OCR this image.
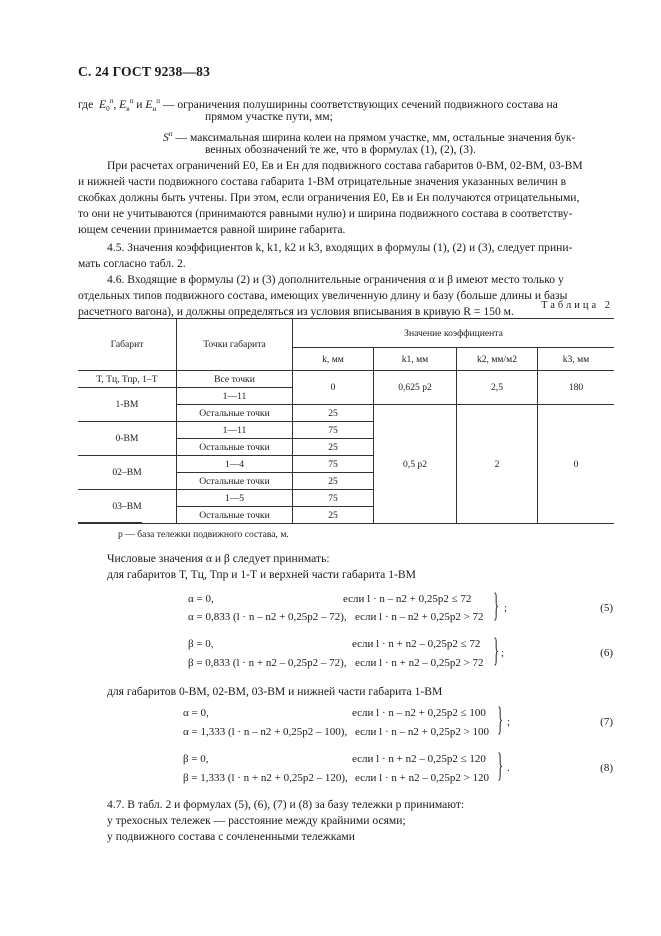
С. 24 ГОСТ 9238—83
где $E_0^п$, $E_в^п$ и $E_н^п$ — ограничения полуширины соответствующих сечений подвижного состава на
прямом участке пути, мм;
$S^п$ — максимальная ширина колеи на прямом участке, мм, остальные значения бук-
венных обозначений те же, что в формулах (1), (2), (3).
При расчетах ограничений E0, Eв и Eн для подвижного состава габаритов 0-ВМ, 02-ВМ, 03-ВМ
и нижней части подвижного состава габарита 1-ВМ отрицательные значения указанных величин в
скобках должны быть учтены. При этом, если ограничения E0, Eв и Eн получаются отрицательными,
то они не учитываются (принимаются равными нулю) и ширина подвижного состава в соответству-
ющем сечении принимается равной ширине габарита.
4.5. Значения коэффициентов k, k1, k2 и k3, входящих в формулы (1), (2) и (3), следует прини-
мать согласно табл. 2.
4.6. Входящие в формулы (2) и (3) дополнительные ограничения α и β имеют место только у
отдельных типов подвижного состава, имеющих увеличенную длину и базу (больше длины и базы
расчетного вагона), и должны определяться из условия вписывания в кривую R = 150 м.	Таблица 2
Габарит	Точки габарита	Значение коэффициента			
		k, мм	k1, мм	k2, мм/м2	k3, мм
Т, Тц, Тпр, 1–Т	Все точки	0	0,625 p2	2,5	180
1-ВМ	1—11				
	Остальные точки	25	0,5 p2	2	0
0-ВМ	1—11	75			
	Остальные точки	25			
02–ВМ	1—4	75			
	Остальные точки	25			
03–ВМ	1—5	75			
	Остальные точки	25			
p — база тележки подвижного состава, м.
Числовые значения α и β следует принимать:
для габаритов Т, Тц, Тпр и 1-Т и верхней части габарита 1-ВМ
α = 0,	если l · n – n2 + 0,25p2 ≤ 72
α = 0,833 (l · n – n2 + 0,25p2 – 72), если l · n – n2 + 0,25p2 > 72 } ;	(5)
β = 0,	если l · n + n2 – 0,25p2 ≤ 72
β = 0,833 (l · n + n2 – 0,25p2 – 72), если l · n + n2 – 0,25p2 > 72 } ;	(6)
для габаритов 0-ВМ, 02-ВМ, 03-ВМ и нижней части габарита 1-ВМ
α = 0,	если l · n – n2 + 0,25p2 ≤ 100
α = 1,333 (l · n – n2 + 0,25p2 – 100), если l · n – n2 + 0,25p2 > 100 } ;	(7)
β = 0,	если l · n + n2 – 0,25p2 ≤ 120
β = 1,333 (l · n + n2 + 0,25p2 – 120), если l · n + n2 – 0,25p2 > 120 } .	(8)
4.7. В табл. 2 и формулах (5), (6), (7) и (8) за базу тележки p принимают:
у трехосных тележек — расстояние между крайними осями;
у подвижного состава с сочлененными тележками
